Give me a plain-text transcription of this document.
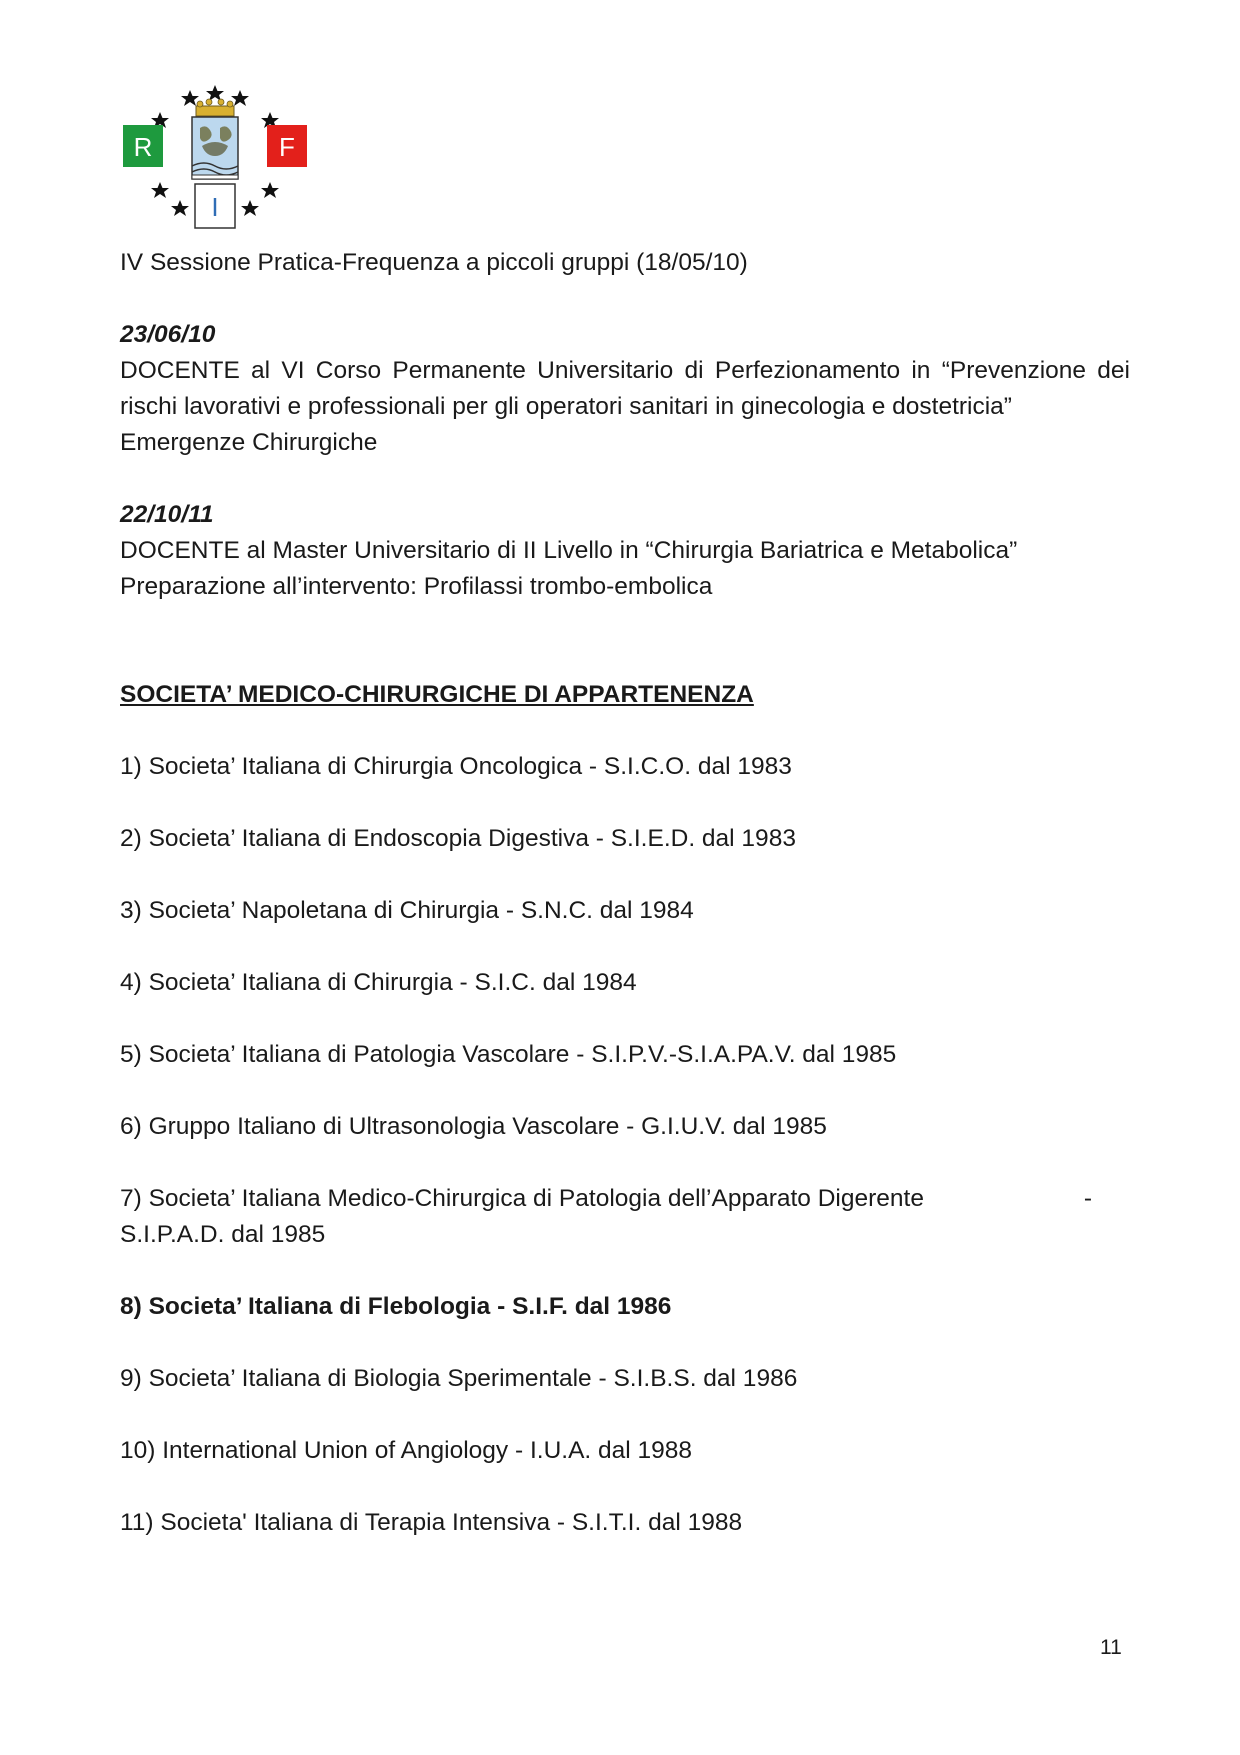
R	F
I

IV Sessione Pratica-Frequenza a piccoli gruppi (18/05/10)

23/06/10

DOCENTE al VI Corso Permanente Universitario di Perfezionamento in “Prevenzione dei rischi lavorativi e professionali per gli operatori sanitari in ginecologia e dostetricia”

Emergenze Chirurgiche

22/10/11

DOCENTE al Master Universitario di II Livello in “Chirurgia Bariatrica e Metabolica”

Preparazione all’intervento: Profilassi trombo-embolica

SOCIETA’ MEDICO-CHIRURGICHE DI APPARTENENZA

1) Societa’ Italiana di Chirurgia Oncologica - S.I.C.O. dal 1983

2) Societa’ Italiana di Endoscopia Digestiva - S.I.E.D. dal 1983

3) Societa’ Napoletana di Chirurgia - S.N.C. dal 1984

4) Societa’ Italiana di Chirurgia - S.I.C. dal 1984

5) Societa’ Italiana di Patologia Vascolare - S.I.P.V.-S.I.A.PA.V. dal 1985

6) Gruppo Italiano di Ultrasonologia Vascolare - G.I.U.V. dal 1985

7) Societa’ Italiana Medico-Chirurgica di Patologia dell’Apparato Digerente	-

S.I.P.A.D. dal 1985

8) Societa’ Italiana di Flebologia - S.I.F. dal 1986

9) Societa’ Italiana di Biologia Sperimentale - S.I.B.S. dal 1986

10) International Union of Angiology - I.U.A. dal 1988

11) Societa' Italiana di Terapia Intensiva - S.I.T.I. dal 1988

11
